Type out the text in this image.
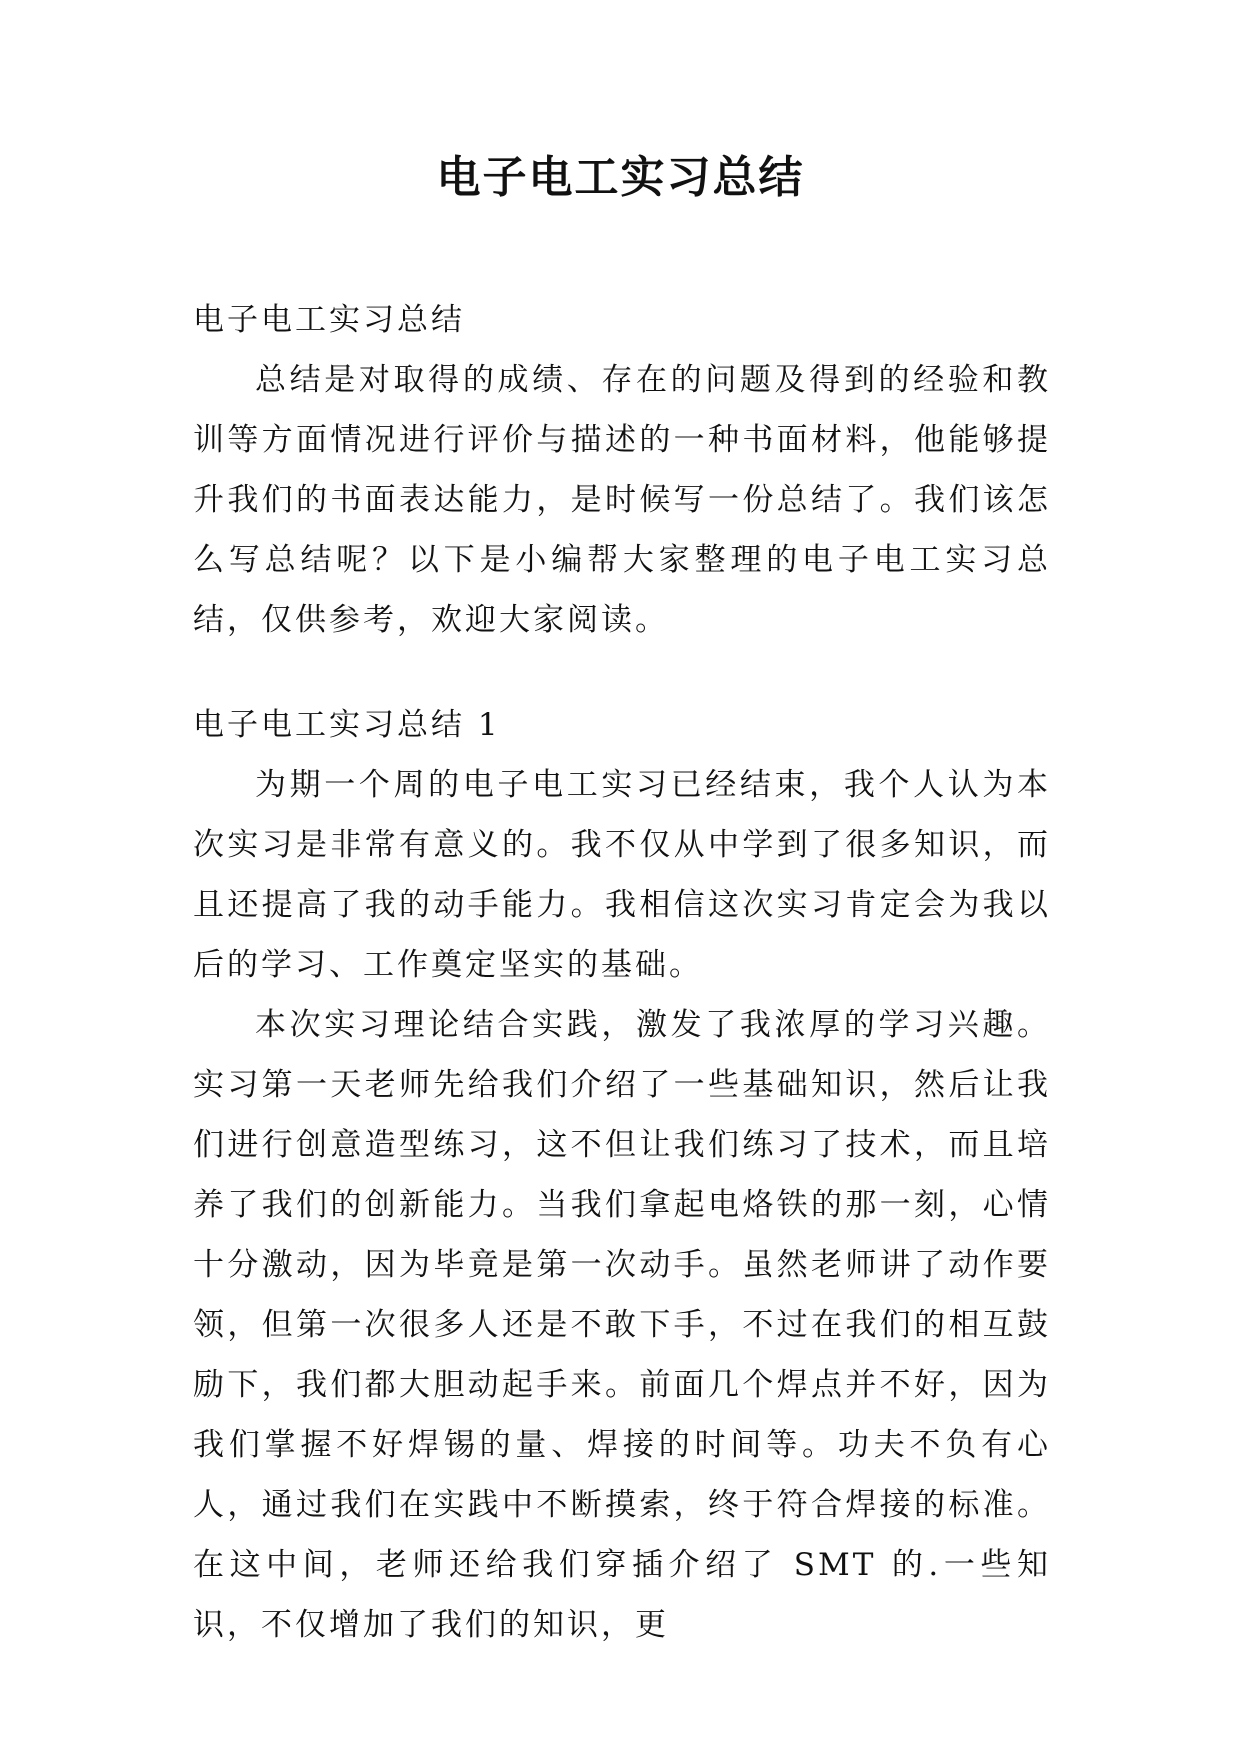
电子电工实习总结

电子电工实习总结

总结是对取得的成绩、存在的问题及得到的经验和教训等方面情况进行评价与描述的一种书面材料，他能够提升我们的书面表达能力，是时候写一份总结了。我们该怎么写总结呢？以下是小编帮大家整理的电子电工实习总结，仅供参考，欢迎大家阅读。

电子电工实习总结 1

为期一个周的电子电工实习已经结束，我个人认为本次实习是非常有意义的。我不仅从中学到了很多知识，而且还提高了我的动手能力。我相信这次实习肯定会为我以后的学习、工作奠定坚实的基础。

本次实习理论结合实践，激发了我浓厚的学习兴趣。实习第一天老师先给我们介绍了一些基础知识，然后让我们进行创意造型练习，这不但让我们练习了技术，而且培养了我们的创新能力。当我们拿起电烙铁的那一刻，心情十分激动，因为毕竟是第一次动手。虽然老师讲了动作要领，但第一次很多人还是不敢下手，不过在我们的相互鼓励下，我们都大胆动起手来。前面几个焊点并不好，因为我们掌握不好焊锡的量、焊接的时间等。功夫不负有心人，通过我们在实践中不断摸索，终于符合焊接的标准。在这中间，老师还给我们穿插介绍了 SMT 的.一些知识，不仅增加了我们的知识，更
